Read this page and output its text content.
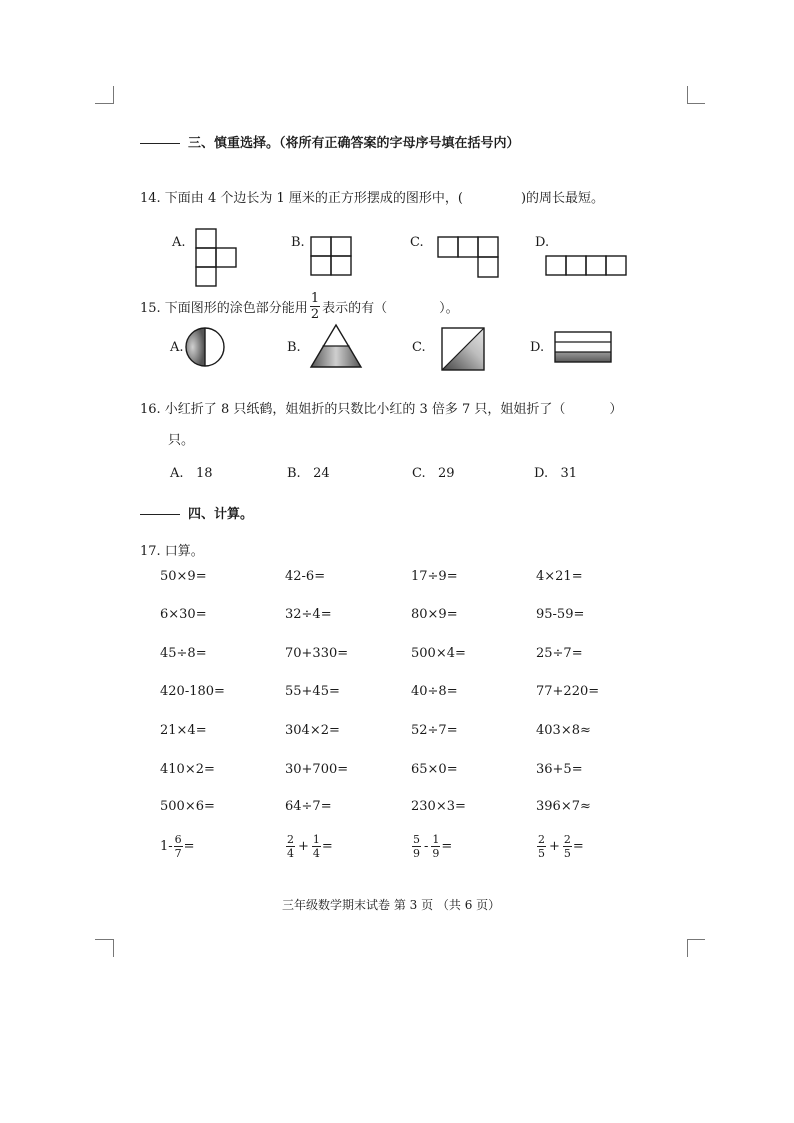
三、慎重选择。（将所有正确答案的字母序号填在括号内）
14. 下面由 4 个边长为 1 厘米的正方形摆成的图形中，(	)的周长最短。
A.	B.	C.	D.
15. 下面图形的涂色部分能用 $\frac{1}{2}$ 表示的有（	）。
A.	B.	C.	D.
16. 小红折了 8 只纸鹤，姐姐折的只数比小红的 3 倍多 7 只，姐姐折了（	）
只。
A. 18	B. 24	C. 29	D. 31
四、计算。
17. 口算。
50×9=	42-6=	17÷9=	4×21=
6×30=	32÷4=	80×9=	95-59=
45÷8=	70+330=	500×4=	25÷7=
420-180=	55+45=	40÷8=	77+220=
21×4=	304×2=	52÷7=	403×8≈
410×2=	30+700=	65×0=	36+5=
500×6=	64÷7=	230×3=	396×7≈
$1- \frac{6}{7}$ =	$\frac{2}{4} + \frac{1}{4}$ =	$\frac{5}{9} - \frac{1}{9}$ =	$\frac{2}{5} + \frac{2}{5}$ =
三年级数学期末试卷 第 3 页 （共 6 页）
